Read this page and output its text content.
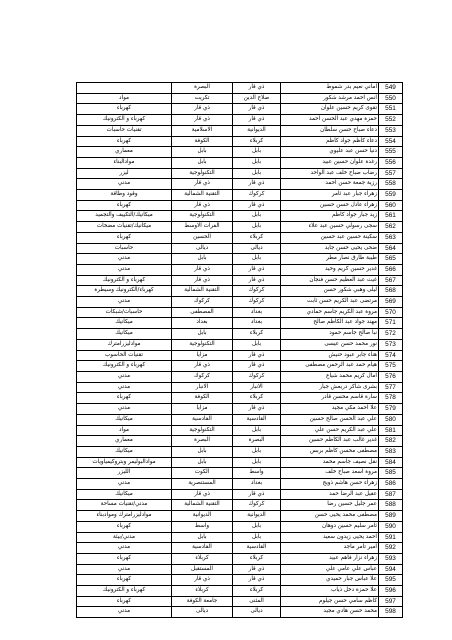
	البصرة	ذي قار	اماني نعيم بدر شموط	549
مواد	تكريت	صلاح الدين	انس احمد مرشد شكور	550
كهرباء	ذي قار	ذي قار	تقوى كريم حسين علوان	551
كهرباء و الكترونيك	ذي قار	ذي قار	حمزة مهدي عبد الحسن احمد	552
تقنيات حاسبات	الاسلامية	الديوانية	دعاء صباح حسن سلطان	553
كهرباء	الكوفة	كربلاء	دعاء كاظم جواد كاظم	554
معماري	بابل	بابل	دنيا حسن عبد عليوي	555
موادالبناء	بابل	بابل	رغدة علوان حسين عبيد	556
ليزر	التكنولوجية	بابل	رضاب صباح خلف عبد الواحد	557
مدني	ذي قار	ذي قار	رزية جمعة حسن احمد	558
وقود وطاقة	التقنية الشمالية	كركوك	زهراء جبار عبد ثامر	559
كهرباء	ذي قار	ذي قار	زهراء عادل حسن حسين	560
ميكانيك/التكييف والتجميد	التكنولوجية	بابل	زيد جبار جواد كاظم	561
ميكانيك/تقنيات مضخات	الفرات الاوسط	بابل	سجى رسولي حسين عبد علاء	562
كهرباء	الحسين	كربلاء	سكينة حسين عبد حسين	563
حاسبات	ديالى	ديالى	ضحى يحيى حسن جايد	564
مدني	بابل	بابل	طيبة طارق نصار مطر	565
مدني	ذي قار	ذي قار	غدير حسين كريم وحيد	566
كهرباء و الكترونيك	ذي قار	ذي قار	غيث عبد العظيم حسن فنجان	567
كهرباء/الكترونيك وسيطرة	التقنية الشمالية	كركوك	ليلى وهبي شكور حسن	568
مدني	كركوك	كركوك	مرتضى عبد الكريم حسن ثابت	569
حاسبات/شبكات	المصطفى	بغداد	مروة عبد الكريم جاسم حمادي	570
ميكانيك	بغداد	بغداد	مهند جواد عبد الكاظم صالح	571
ميكانيك	بابل	كربلاء	نبا صالح جاسم حمود	572
موادليزرامترك	التكنولوجية	بابل	نور محمد حسن عيسى	573
تقنيات الحاسوب	مزايا	ذي قار	هناء جابر عبود حنيش	574
كهرباء و الكترونيك	ذي قار	ذي قار	هيام حمد عبد الرحمن مصطفى	575
مدني	كركوك	كركوك	امال كريم محمد شياع	576
مدني	الانبار	الانبار	بشرى شاكر دريعش جبار	577
كهرباء	الكوفة	كربلاء	سارة قاسم محسن قادر	578
مدني	مزايا	ذي قار	علا احمد مكي مجيد	579
ميكانيك	القادسية	القادسية	علي عبد الحسن صالح حسين	580
مواد	التكنولوجية	بابل	علي عبد الكريم حسن علي	581
معماري	البصرة	البصرة	غدير غالب عبد الكاظم حسين	582
ميكانيك	بابل	بابل	مصطفى محسن كاظم بربس	583
موادالبوليمر وبتروكيمياويات	بابل	بابل	نقل نصيف جاسم محمد	584
الليزر	الكوت	واسط	مروة اسعد صباح خلف	585
مدني	المستنصرية	بغداد	زهراء حسن هاشم ذويج	586
ميكانيك	ذي قار	ذي قار	عقيل عبد الرضا حمد	587
مدني/تقنيات مساحة	التقنية الشمالية	كركوك	عمر جليل حسين رضا	588
موادليزرامترك وموادبناء	الديوانية	الديوانية	مصطفى محمد يحيى حسن	589
كهرباء	واسط	بابل	ثامر سليم حسين دوهان	590
مدني/بيئة	بابل	بابل	احمد يحيى زيدون سعيد	591
مدني	القادسية	القادسية	امير تامر ماجد	592
كهرباء	كربلاء	كربلاء	زهراء نزار فاهم عبيد	593
مدني	المستقبل	ذي قار	عباس علي عامي علي	594
كهرباء	ذي قار	ذي قار	علا عباس جبار حميدي	595
كهرباء و الكترونيك	كربلاء	كربلاء	علا حمزة دخل ذياب	596
كهرباء	جامعة الكوفة	المثنى	كاظم سامي حسن جيلوم	597
مدني	ديالى	ديالى	محمد حسن هادي مجيد	598
